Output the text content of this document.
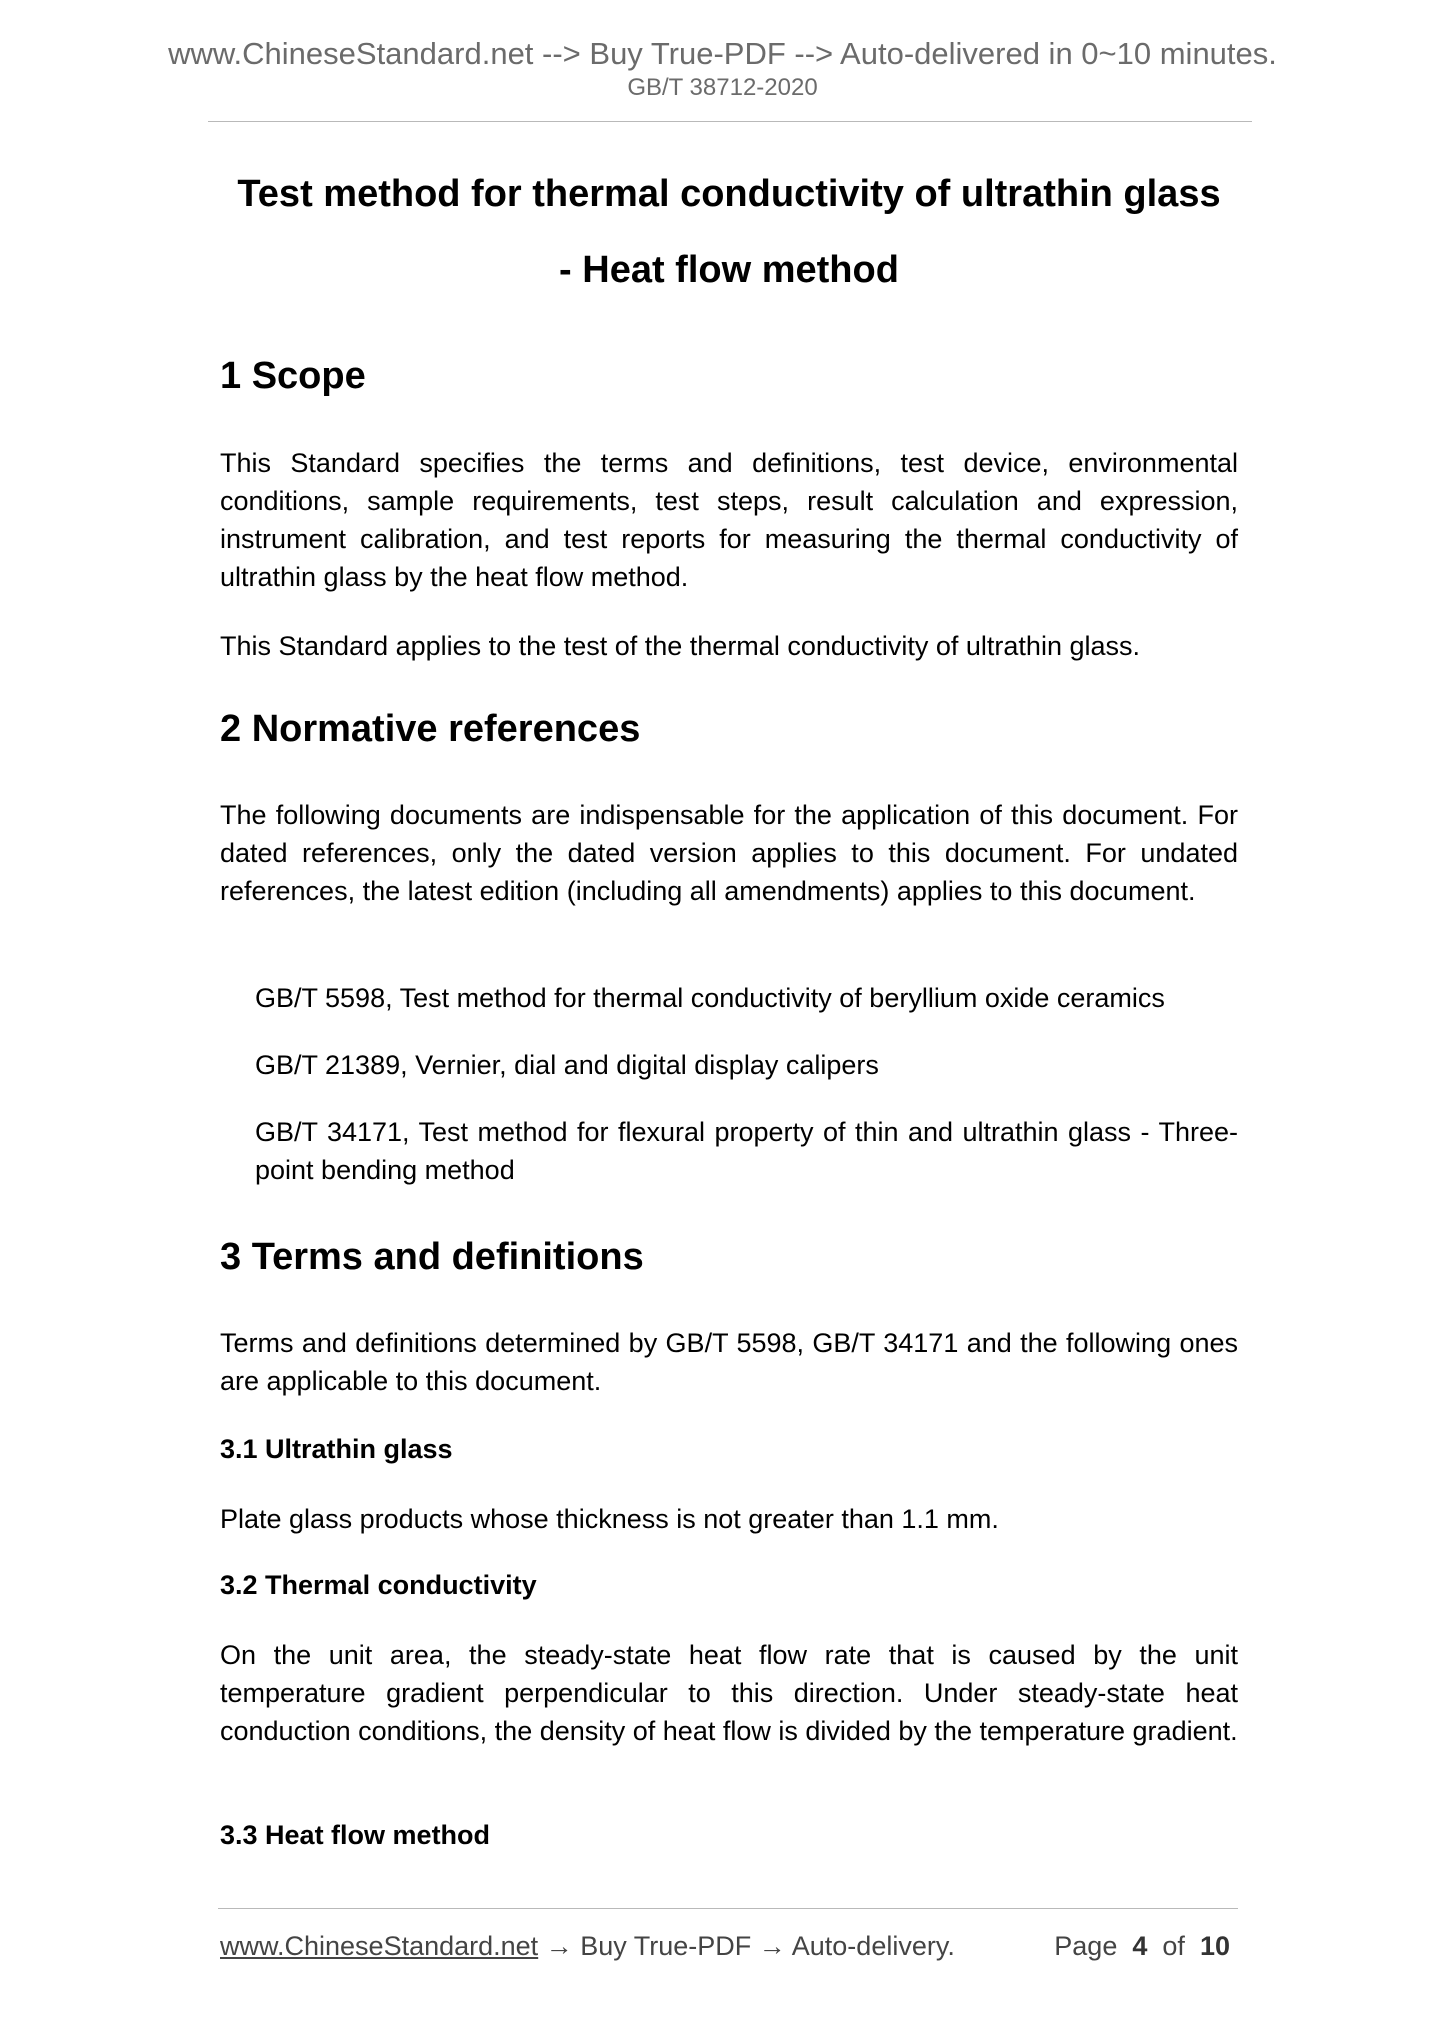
www.ChineseStandard.net --> Buy True-PDF --> Auto-delivered in 0~10 minutes.
GB/T 38712-2020
Test method for thermal conductivity of ultrathin glass
- Heat flow method
1 Scope

This Standard specifies the terms and definitions, test device, environmental conditions, sample requirements, test steps, result calculation and expression, instrument calibration, and test reports for measuring the thermal conductivity of ultrathin glass by the heat flow method.

This Standard applies to the test of the thermal conductivity of ultrathin glass.

2 Normative references

The following documents are indispensable for the application of this document. For dated references, only the dated version applies to this document. For undated references, the latest edition (including all amendments) applies to this document.

GB/T 5598, Test method for thermal conductivity of beryllium oxide ceramics

GB/T 21389, Vernier, dial and digital display calipers

GB/T 34171, Test method for flexural property of thin and ultrathin glass - Three-point bending method

3 Terms and definitions

Terms and definitions determined by GB/T 5598, GB/T 34171 and the following ones are applicable to this document.

3.1 Ultrathin glass

Plate glass products whose thickness is not greater than 1.1 mm.

3.2 Thermal conductivity

On the unit area, the steady-state heat flow rate that is caused by the unit temperature gradient perpendicular to this direction. Under steady-state heat conduction conditions, the density of heat flow is divided by the temperature gradient.

3.3 Heat flow method
www.ChineseStandard.net → Buy True-PDF → Auto-delivery.	Page 4 of 10
